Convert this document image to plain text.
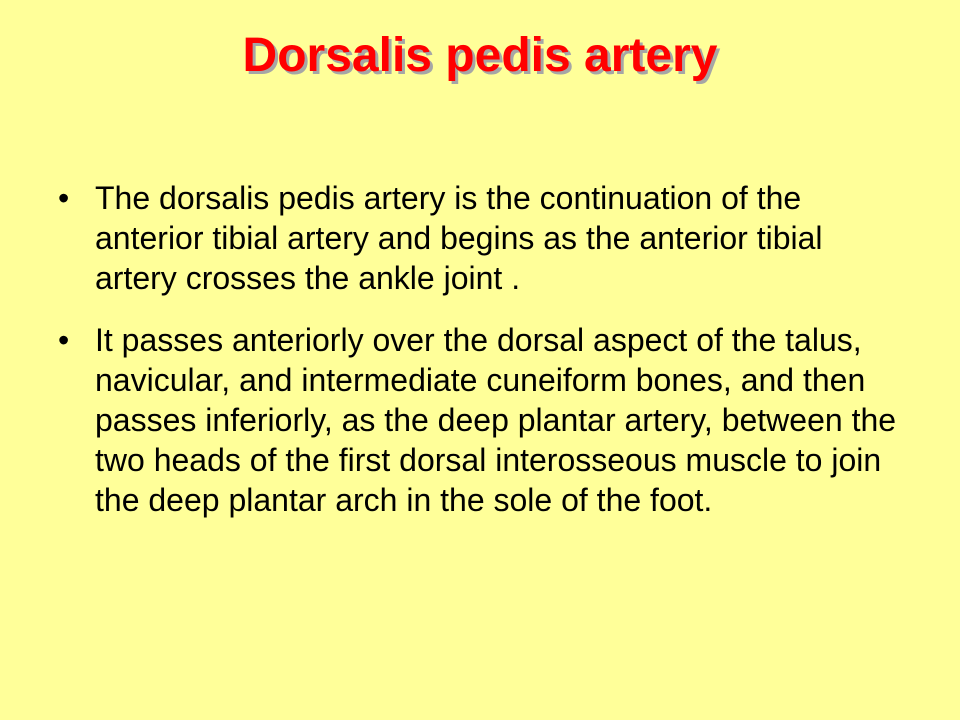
Dorsalis pedis artery
• The dorsalis pedis artery is the continuation of the anterior tibial artery and begins as the anterior tibial artery crosses the ankle joint .
• It passes anteriorly over the dorsal aspect of the talus, navicular, and intermediate cuneiform bones, and then passes inferiorly, as the deep plantar artery, between the two heads of the first dorsal interosseous muscle to join the deep plantar arch in the sole of the foot.
